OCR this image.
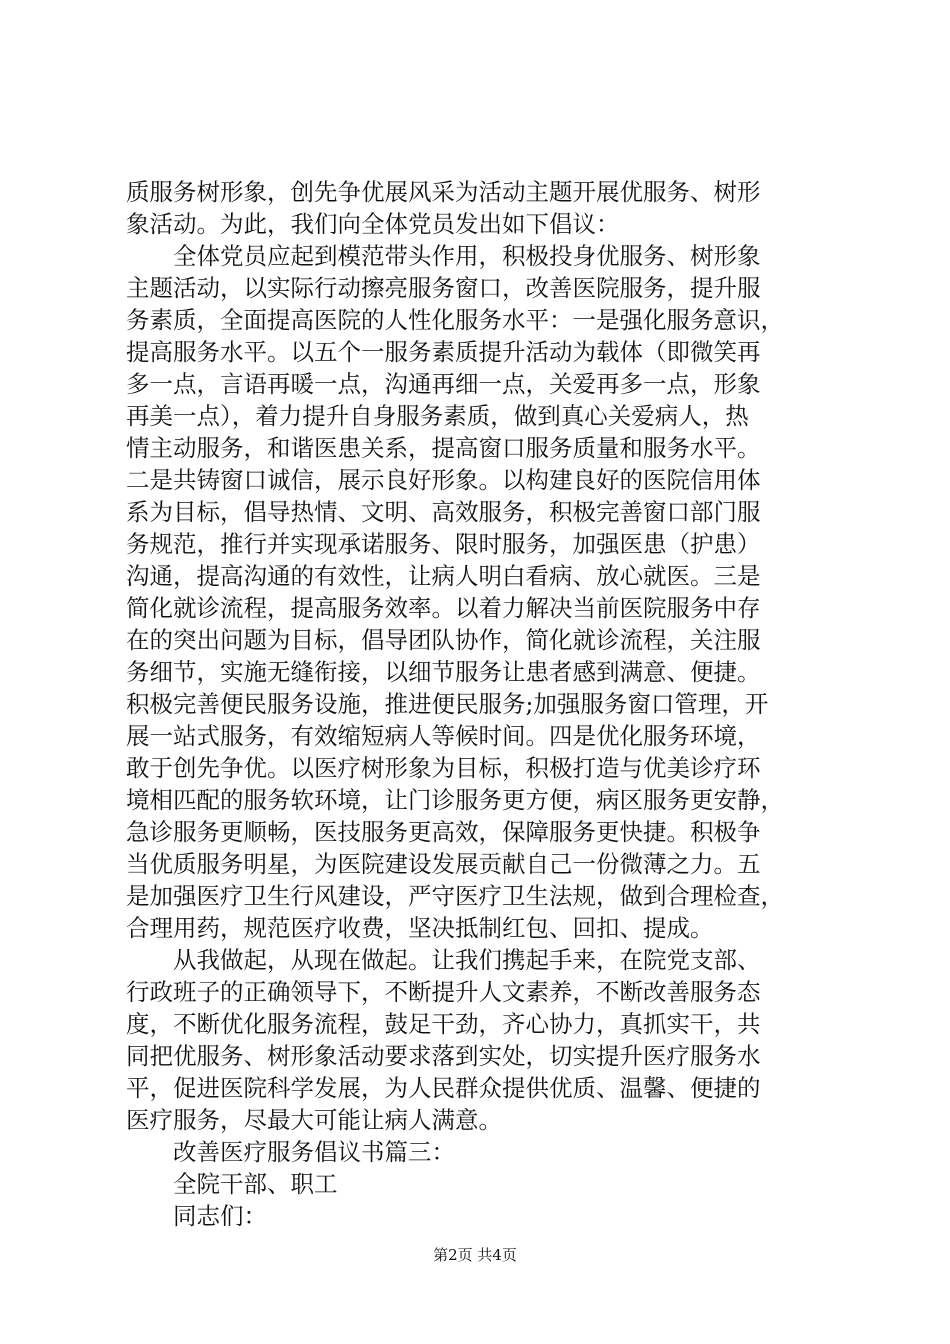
质服务树形象，创先争优展风采为活动主题开展优服务、树形
象活动。为此，我们向全体党员发出如下倡议：
全体党员应起到模范带头作用，积极投身优服务、树形象
主题活动，以实际行动擦亮服务窗口，改善医院服务，提升服
务素质，全面提高医院的人性化服务水平：一是强化服务意识，
提高服务水平。以五个一服务素质提升活动为载体（即微笑再
多一点，言语再暖一点，沟通再细一点，关爱再多一点，形象
再美一点），着力提升自身服务素质，做到真心关爱病人，热
情主动服务，和谐医患关系，提高窗口服务质量和服务水平。
二是共铸窗口诚信，展示良好形象。以构建良好的医院信用体
系为目标，倡导热情、文明、高效服务，积极完善窗口部门服
务规范，推行并实现承诺服务、限时服务，加强医患（护患）
沟通，提高沟通的有效性，让病人明白看病、放心就医。三是
简化就诊流程，提高服务效率。以着力解决当前医院服务中存
在的突出问题为目标，倡导团队协作，简化就诊流程，关注服
务细节，实施无缝衔接，以细节服务让患者感到满意、便捷。
积极完善便民服务设施，推进便民服务;加强服务窗口管理，开
展一站式服务，有效缩短病人等候时间。四是优化服务环境，
敢于创先争优。以医疗树形象为目标，积极打造与优美诊疗环
境相匹配的服务软环境，让门诊服务更方便，病区服务更安静，
急诊服务更顺畅，医技服务更高效，保障服务更快捷。积极争
当优质服务明星，为医院建设发展贡献自己一份微薄之力。五
是加强医疗卫生行风建设，严守医疗卫生法规，做到合理检查，
合理用药，规范医疗收费，坚决抵制红包、回扣、提成。
从我做起，从现在做起。让我们携起手来，在院党支部、
行政班子的正确领导下，不断提升人文素养，不断改善服务态
度，不断优化服务流程，鼓足干劲，齐心协力，真抓实干，共
同把优服务、树形象活动要求落到实处，切实提升医疗服务水
平，促进医院科学发展，为人民群众提供优质、温馨、便捷的
医疗服务，尽最大可能让病人满意。
改善医疗服务倡议书篇三：
全院干部、职工
同志们：
第2页 共4页
